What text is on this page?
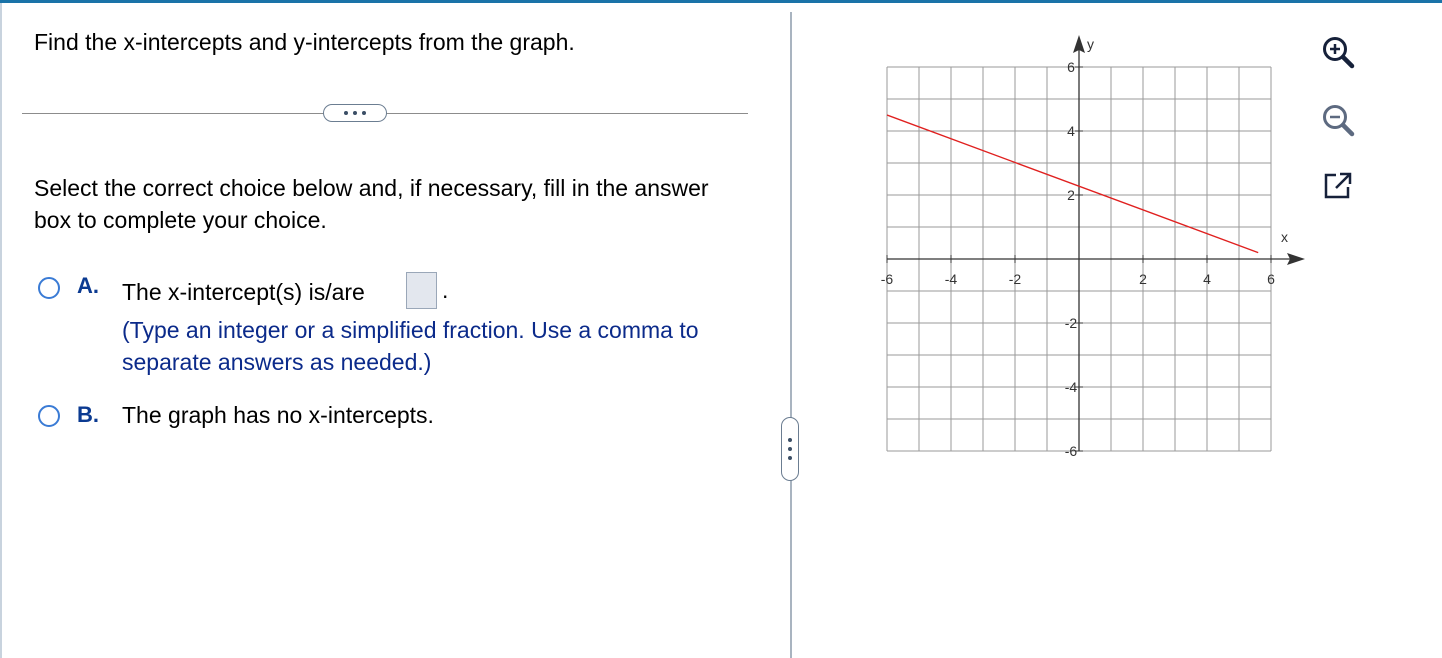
Find the x-intercepts and y-intercepts from the graph.

Select the correct choice below and, if necessary, fill in the answer box to complete your choice.

A. The x-intercept(s) is/are	.

(Type an integer or a simplified fraction. Use a comma to separate answers as needed.)

B. The graph has no x-intercepts.
-6	-4	-2	2	4	6
6
4
2
-2
-4
-6
x
y
